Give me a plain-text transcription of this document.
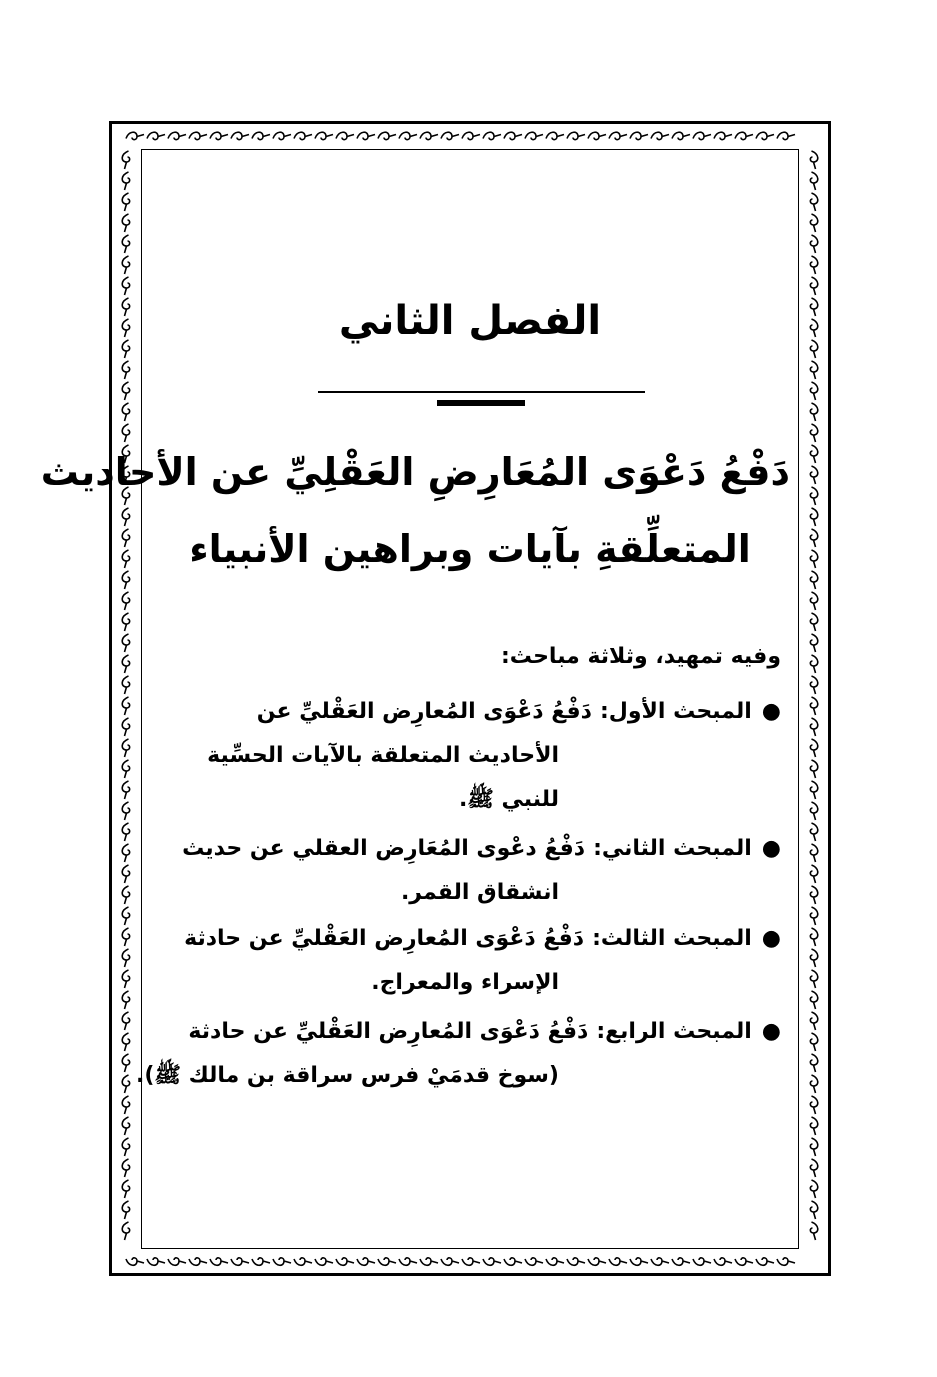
الفصل الثاني
دَفْعُ دَعْوَى المُعَارِضِ العَقْلِيِّ عن الأحاديث
المتعلِّقةِ بآيات وبراهين الأنبياء
وفيه تمهيد، وثلاثة مباحث:
●
المبحث الأول:
دَفْعُ دَعْوَى المُعارِض العَقْليِّ عن
الأحاديث المتعلقة بالآيات الحسِّية
للنبي ﷺ.
●
المبحث الثاني:
دَفْعُ دعْوى المُعَارِض العقلي عن حديث
انشقاق القمر.
●
المبحث الثالث:
دَفْعُ دَعْوَى المُعارِض العَقْليِّ عن حادثة
الإسراء والمعراج.
●
المبحث الرابع:
دَفْعُ دَعْوَى المُعارِض العَقْليِّ عن حادثة
(سوخ قدمَيْ فرس سراقة بن مالك ﷺ).
